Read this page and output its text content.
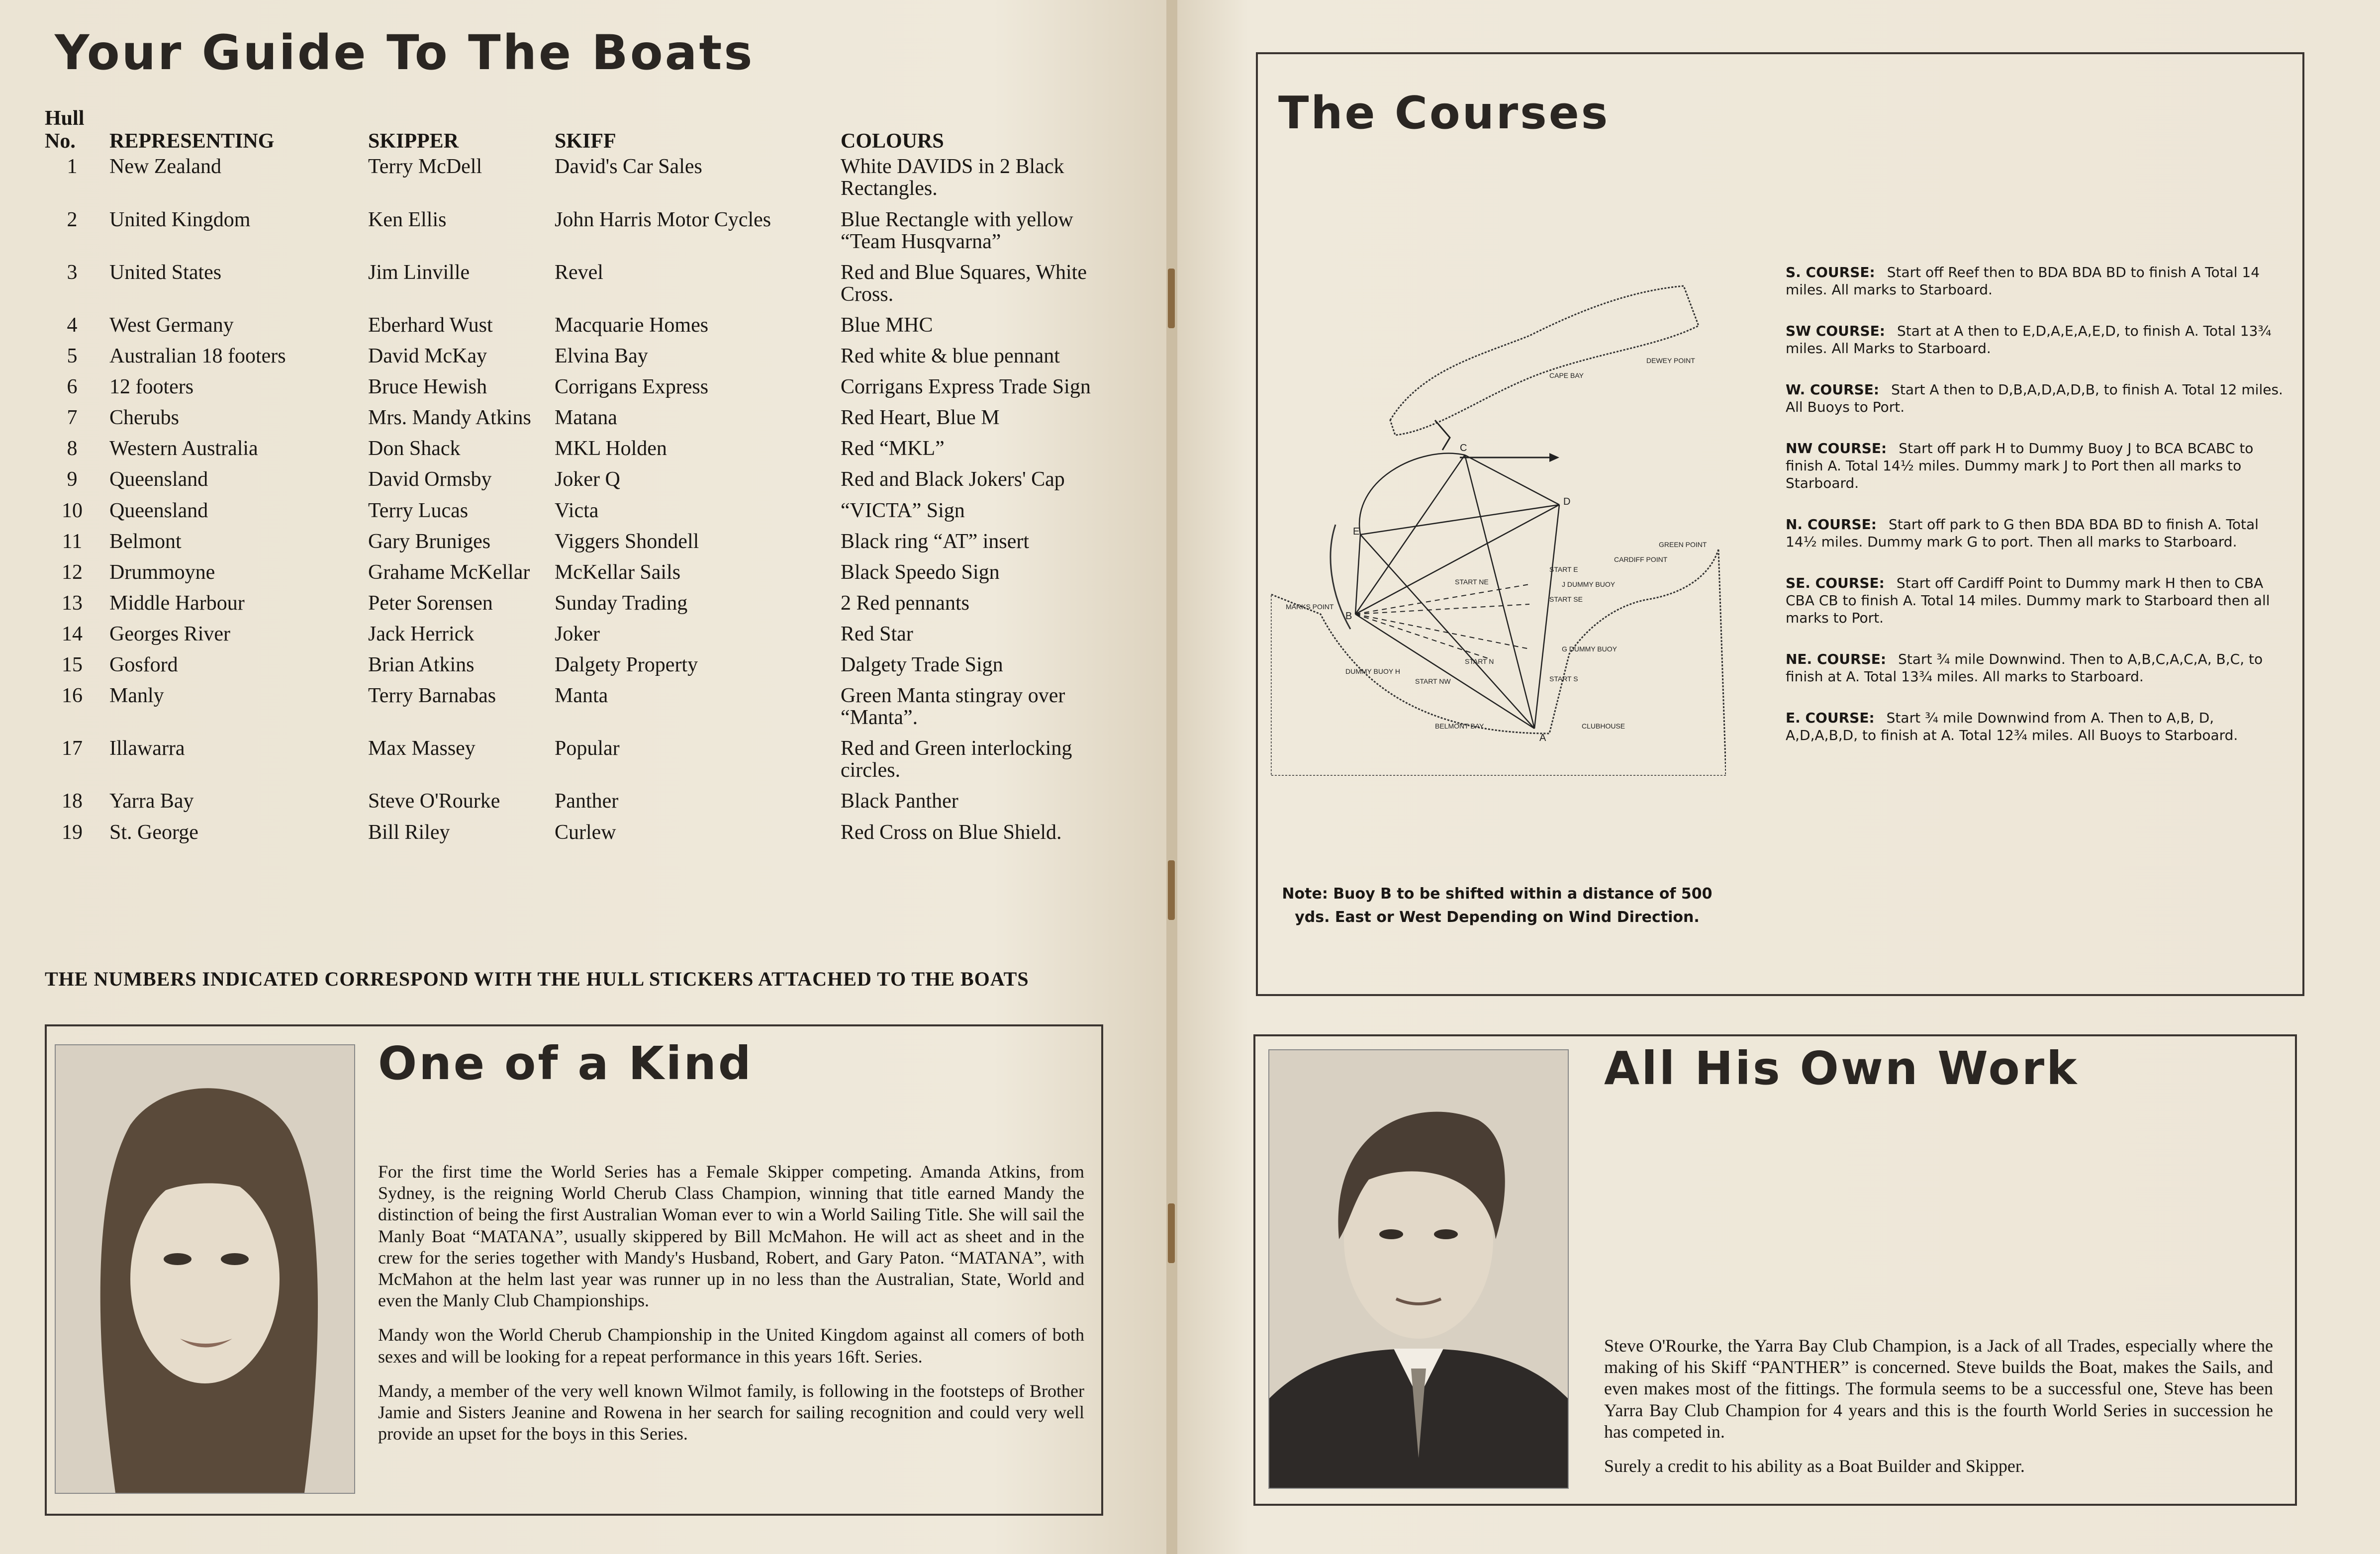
Your Guide To The Boats
Hull No.	REPRESENTING	SKIPPER	SKIFF	COLOURS
1	New Zealand	Terry McDell	David's Car Sales	White DAVIDS in 2 Black Rectangles.
2	United Kingdom	Ken Ellis	John Harris Motor Cycles	Blue Rectangle with yellow “Team Husqvarna”
3	United States	Jim Linville	Revel	Red and Blue Squares, White Cross.
4	West Germany	Eberhard Wust	Macquarie Homes	Blue MHC
5	Australian 18 footers	David McKay	Elvina Bay	Red white & blue pennant
6	12 footers	Bruce Hewish	Corrigans Express	Corrigans Express Trade Sign
7	Cherubs	Mrs. Mandy Atkins	Matana	Red Heart, Blue M
8	Western Australia	Don Shack	MKL Holden	Red “MKL”
9	Queensland	David Ormsby	Joker Q	Red and Black Jokers' Cap
10	Queensland	Terry Lucas	Victa	“VICTA” Sign
11	Belmont	Gary Bruniges	Viggers Shondell	Black ring “AT” insert
12	Drummoyne	Grahame McKellar	McKellar Sails	Black Speedo Sign
13	Middle Harbour	Peter Sorensen	Sunday Trading	2 Red pennants
14	Georges River	Jack Herrick	Joker	Red Star
15	Gosford	Brian Atkins	Dalgety Property	Dalgety Trade Sign
16	Manly	Terry Barnabas	Manta	Green Manta stingray over “Manta”.
17	Illawarra	Max Massey	Popular	Red and Green interlocking circles.
18	Yarra Bay	Steve O'Rourke	Panther	Black Panther
19	St. George	Bill Riley	Curlew	Red Cross on Blue Shield.
THE NUMBERS INDICATED CORRESPOND WITH THE HULL STICKERS ATTACHED TO THE BOATS
One of a Kind

For the first time the World Series has a Female Skipper competing. Amanda Atkins, from Sydney, is the reigning World Cherub Class Champion, winning that title earned Mandy the distinction of being the first Australian Woman ever to win a World Sailing Title. She will sail the Manly Boat “MATANA”, usually skippered by Bill McMahon. He will act as sheet and in the crew for the series together with Mandy's Husband, Robert, and Gary Paton. “MATANA”, with McMahon at the helm last year was runner up in no less than the Australian, State, World and even the Manly Club Championships.

Mandy won the World Cherub Championship in the United Kingdom against all comers of both sexes and will be looking for a repeat performance in this years 16ft. Series.

Mandy, a member of the very well known Wilmot family, is following in the footsteps of Brother Jamie and Sisters Jeanine and Rowena in her search for sailing recognition and could very well provide an upset for the boys in this Series.

The Courses
CAPE BAY
DEWEY POINT
GREEN POINT
CARDIFF POINT
MARKS POINT
BELMONT BAY	CLUBHOUSE
E
C
D
B
A
START NE
START E
START SE
START N
START NW	START S
J DUMMY BUOY
G DUMMY BUOY
DUMMY BUOY H
Note: Buoy B to be shifted within a distance of 500 yds. East or West Depending on Wind Direction.
S. COURSE: Start off Reef then to BDA BDA BD to finish A Total 14 miles. All marks to Starboard.
SW COURSE: Start at A then to E,D,A,E,A,E,D, to finish A. Total 13¾ miles. All Marks to Starboard.
W. COURSE: Start A then to D,B,A,D,A,D,B, to finish A. Total 12 miles. All Buoys to Port.
NW COURSE: Start off park H to Dummy Buoy J to BCA BCABC to finish A. Total 14½ miles. Dummy mark J to Port then all marks to Starboard.
N. COURSE: Start off park to G then BDA BDA BD to finish A. Total 14½ miles. Dummy mark G to port. Then all marks to Starboard.
SE. COURSE: Start off Cardiff Point to Dummy mark H then to CBA CBA CB to finish A. Total 14 miles. Dummy mark to Starboard then all marks to Port.
NE. COURSE: Start ¾ mile Downwind. Then to A,B,C,A,C,A, B,C, to finish at A. Total 13¾ miles. All marks to Starboard.
E. COURSE: Start ¾ mile Downwind from A. Then to A,B, D, A,D,A,B,D, to finish at A. Total 12¾ miles. All Buoys to Starboard.
All His Own Work

Steve O'Rourke, the Yarra Bay Club Champion, is a Jack of all Trades, especially where the making of his Skiff “PANTHER” is concerned. Steve builds the Boat, makes the Sails, and even makes most of the fittings. The formula seems to be a successful one, Steve has been Yarra Bay Club Champion for 4 years and this is the fourth World Series in succession he has competed in.

Surely a credit to his ability as a Boat Builder and Skipper.
